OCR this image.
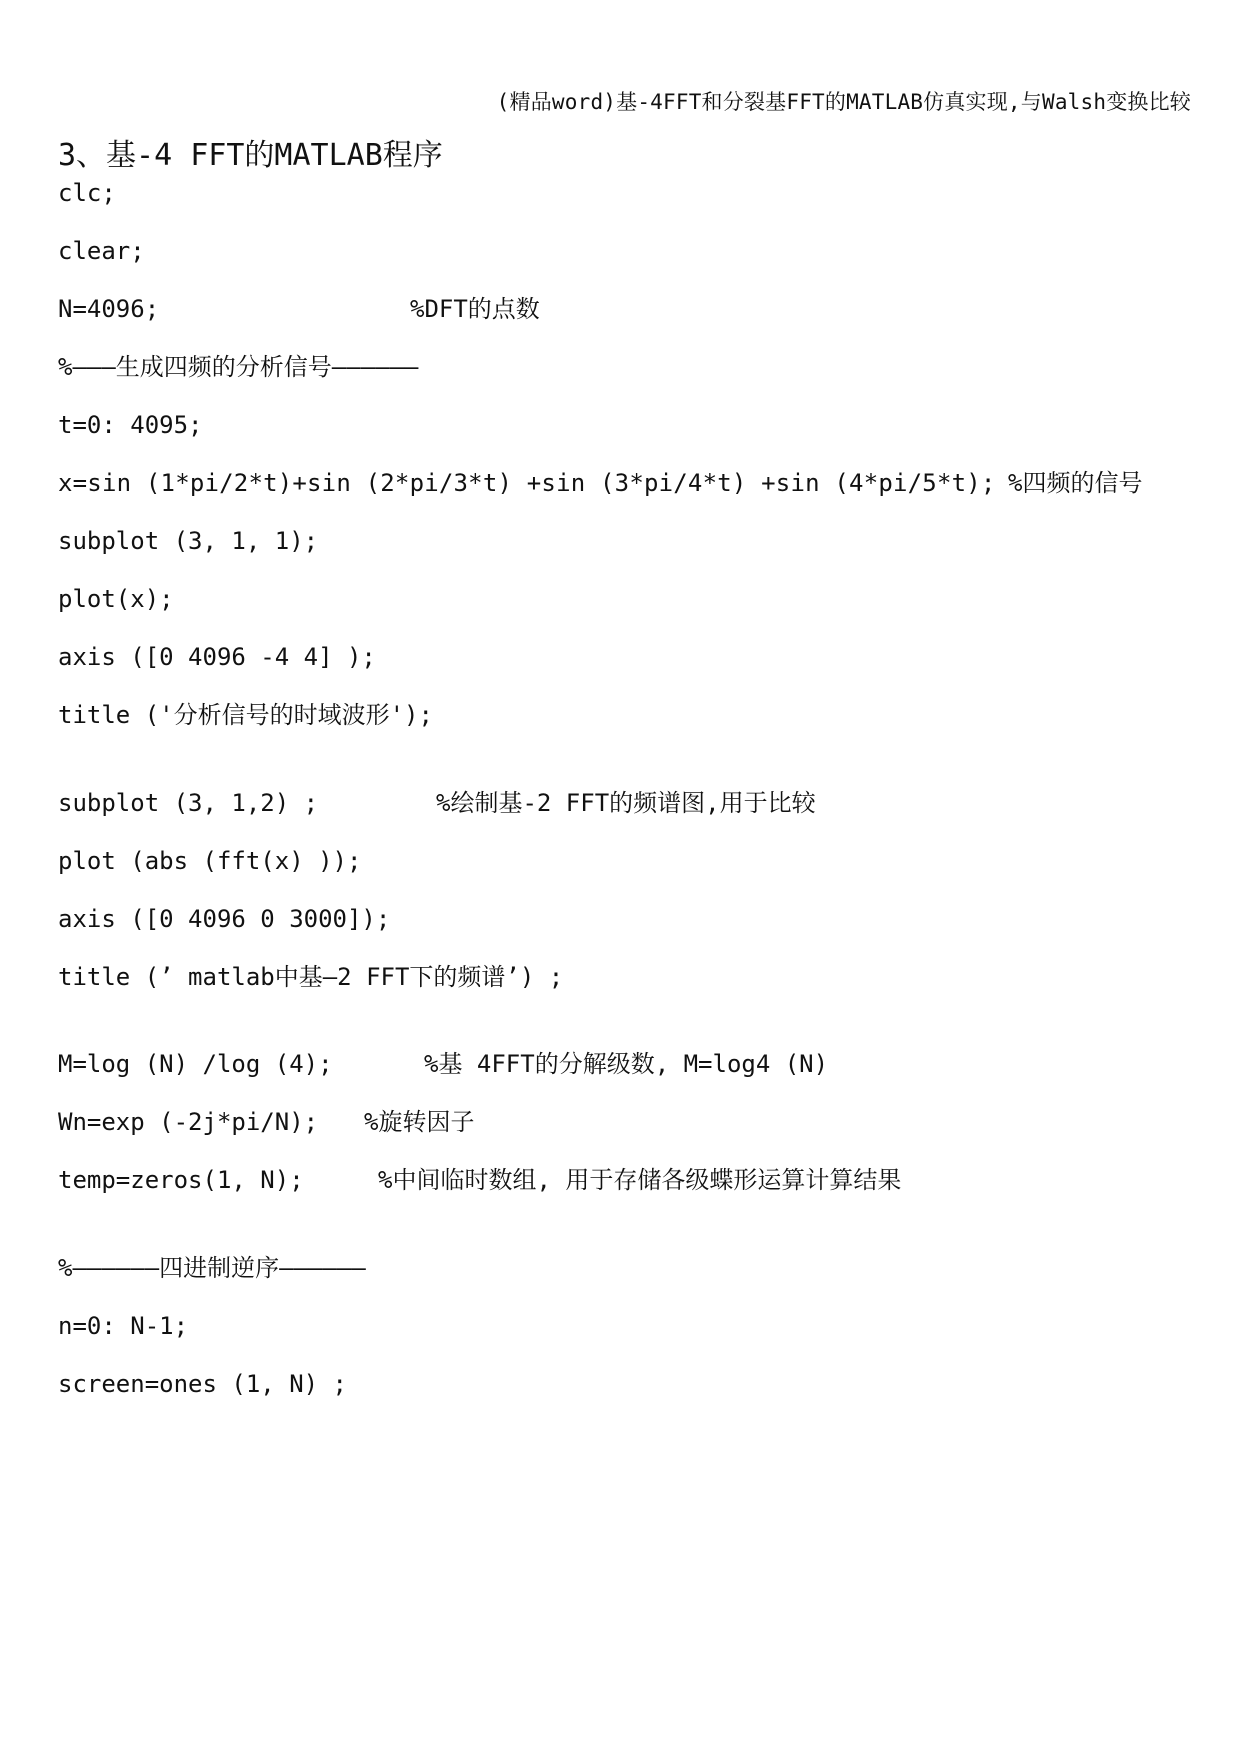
(精品word)基-4FFT和分裂基FFT的MATLAB仿真实现,与Walsh变换比较
3、基-4 FFT的MATLAB程序
clc;
clear;
N=4096;	%DFT的点数
%———生成四频的分析信号——————
t=0: 4095;
x=sin (1*pi/2*t)+sin (2*pi/3*t) +sin (3*pi/4*t) +sin (4*pi/5*t); %四频的信号
subplot (3, 1, 1);
plot(x);
axis ([0 4096 -4 4] );
title ('分析信号的时域波形');
subplot (3, 1,2) ;	%绘制基-2 FFT的频谱图,用于比较
plot (abs (fft(x) ));
axis ([0 4096 0 3000]);
title (’ matlab中基—2 FFT下的频谱’) ;
M=log (N) /log (4);	%基 4FFT的分解级数, M=log4 (N)
Wn=exp (-2j*pi/N); %旋转因子
temp=zeros(1, N);	%中间临时数组, 用于存储各级蝶形运算计算结果
%——————四进制逆序——————
n=0: N-1;
screen=ones (1, N) ;
